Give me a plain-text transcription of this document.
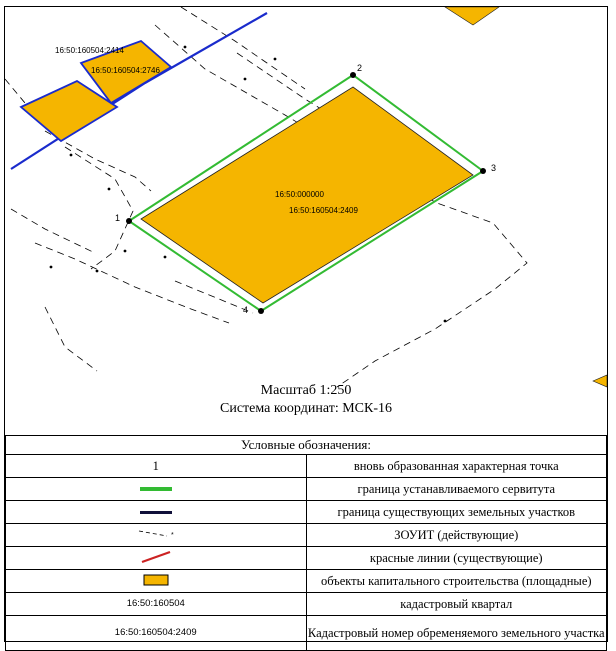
16:50:160504:2414
16:50:160504:2746
16:50:000000
16:50:160504:2409
1
2
3
4
Масштаб 1:250
Система координат: МСК-16
Условные обозначения:	
1	вновь образованная характерная точка
	граница устанавливаемого сервитута
	граница существующих земельных участков

*	ЗОУИТ (действующие)
	красные линии (существующие)
	объекты капитального строительства (площадные)
16:50:160504	кадастровый квартал
16:50:160504:2409	Кадастровый номер обременяемого земельного участка
